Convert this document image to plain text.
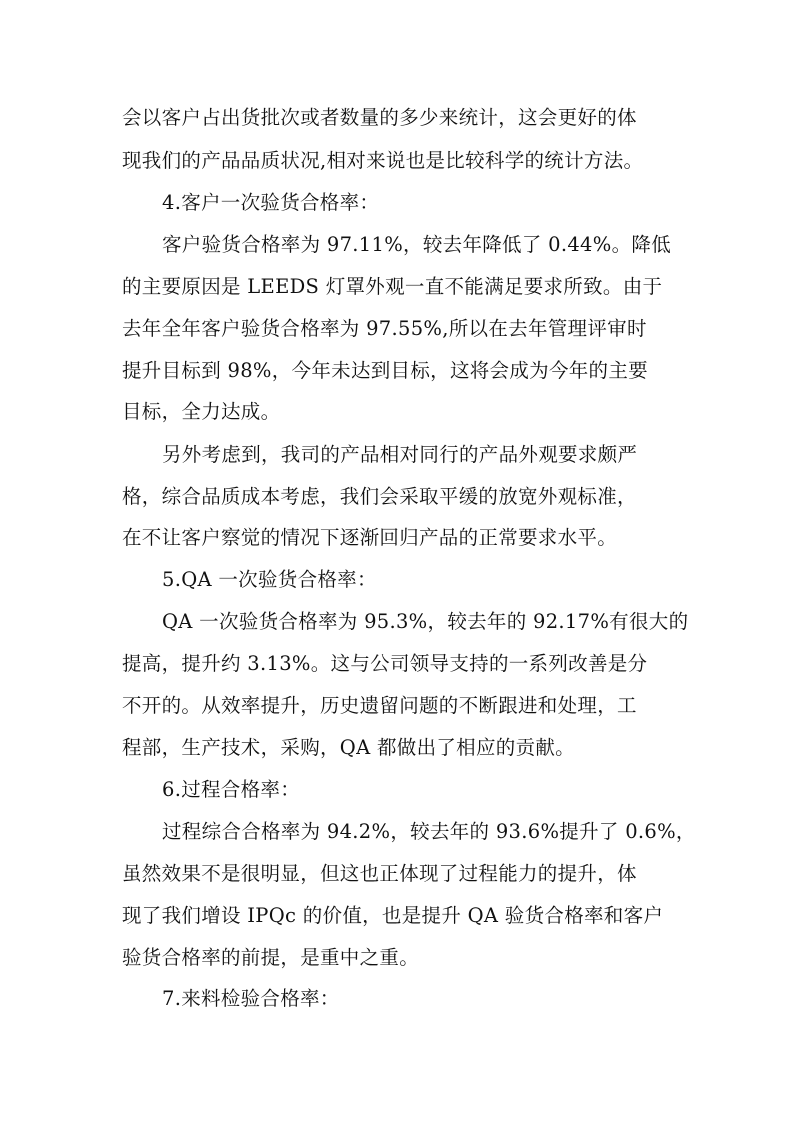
会以客户占出货批次或者数量的多少来统计，这会更好的体
现我们的产品品质状况,相对来说也是比较科学的统计方法。
4.客户一次验货合格率：
客户验货合格率为 97.11%，较去年降低了 0.44%。降低
的主要原因是 LEEDS 灯罩外观一直不能满足要求所致。由于
去年全年客户验货合格率为 97.55%,所以在去年管理评审时
提升目标到 98%，今年未达到目标，这将会成为今年的主要
目标，全力达成。
另外考虑到，我司的产品相对同行的产品外观要求颇严
格，综合品质成本考虑，我们会采取平缓的放宽外观标准，
在不让客户察觉的情况下逐渐回归产品的正常要求水平。
5.QA 一次验货合格率：
QA 一次验货合格率为 95.3%，较去年的 92.17%有很大的
提高，提升约 3.13%。这与公司领导支持的一系列改善是分
不开的。从效率提升，历史遗留问题的不断跟进和处理，工
程部，生产技术，采购，QA 都做出了相应的贡献。
6.过程合格率：
过程综合合格率为 94.2%，较去年的 93.6%提升了 0.6%，
虽然效果不是很明显，但这也正体现了过程能力的提升，体
现了我们增设 IPQc 的价值，也是提升 QA 验货合格率和客户
验货合格率的前提，是重中之重。
7.来料检验合格率：
